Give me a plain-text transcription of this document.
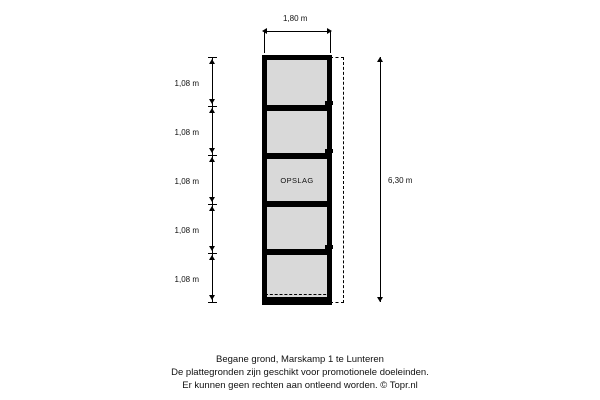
1,80 m
OPSLAG
1,08 m
1,08 m
1,08 m
1,08 m
1,08 m
6,30 m
Begane grond, Marskamp 1 te Lunteren
De plattegronden zijn geschikt voor promotionele doeleinden.
Er kunnen geen rechten aan ontleend worden. © Topr.nl
